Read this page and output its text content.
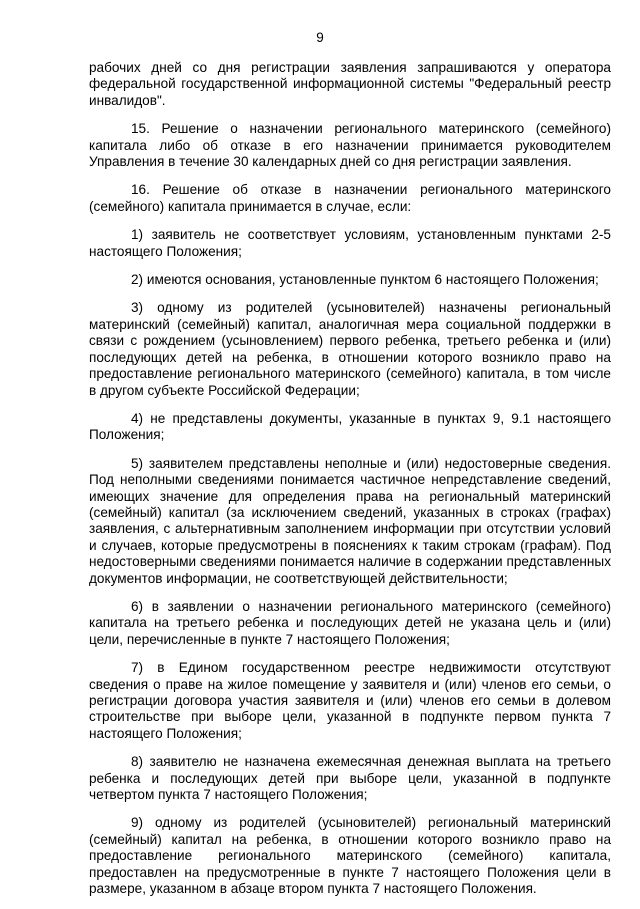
9

рабочих дней со дня регистрации заявления запрашиваются у оператора федеральной государственной информационной системы "Федеральный реестр инвалидов".

15. Решение о назначении регионального материнского (семейного) капитала либо об отказе в его назначении принимается руководителем Управления в течение 30 календарных дней со дня регистрации заявления.

16. Решение об отказе в назначении регионального материнского (семейного) капитала принимается в случае, если:

1) заявитель не соответствует условиям, установленным пунктами 2-5 настоящего Положения;

2) имеются основания, установленные пунктом 6 настоящего Положения;

3) одному из родителей (усыновителей) назначены региональный материнский (семейный) капитал, аналогичная мера социальной поддержки в связи с рождением (усыновлением) первого ребенка, третьего ребенка и (или) последующих детей на ребенка, в отношении которого возникло право на предоставление регионального материнского (семейного) капитала, в том числе в другом субъекте Российской Федерации;

4) не представлены документы, указанные в пунктах 9, 9.1 настоящего Положения;

5) заявителем представлены неполные и (или) недостоверные сведения. Под неполными сведениями понимается частичное непредставление сведений, имеющих значение для определения права на региональный материнский (семейный) капитал (за исключением сведений, указанных в строках (графах) заявления, с альтернативным заполнением информации при отсутствии условий и случаев, которые предусмотрены в пояснениях к таким строкам (графам). Под недостоверными сведениями понимается наличие в содержании представленных документов информации, не соответствующей действительности;

6) в заявлении о назначении регионального материнского (семейного) капитала на третьего ребенка и последующих детей не указана цель и (или) цели, перечисленные в пункте 7 настоящего Положения;

7) в Едином государственном реестре недвижимости отсутствуют сведения о праве на жилое помещение у заявителя и (или) членов его семьи, о регистрации договора участия заявителя и (или) членов его семьи в долевом строительстве при выборе цели, указанной в подпункте первом пункта 7 настоящего Положения;

8) заявителю не назначена ежемесячная денежная выплата на третьего ребенка и последующих детей при выборе цели, указанной в подпункте четвертом пункта 7 настоящего Положения;

9) одному из родителей (усыновителей) региональный материнский (семейный) капитал на ребенка, в отношении которого возникло право на предоставление регионального материнского (семейного) капитала, предоставлен на предусмотренные в пункте 7 настоящего Положения цели в размере, указанном в абзаце втором пункта 7 настоящего Положения.
